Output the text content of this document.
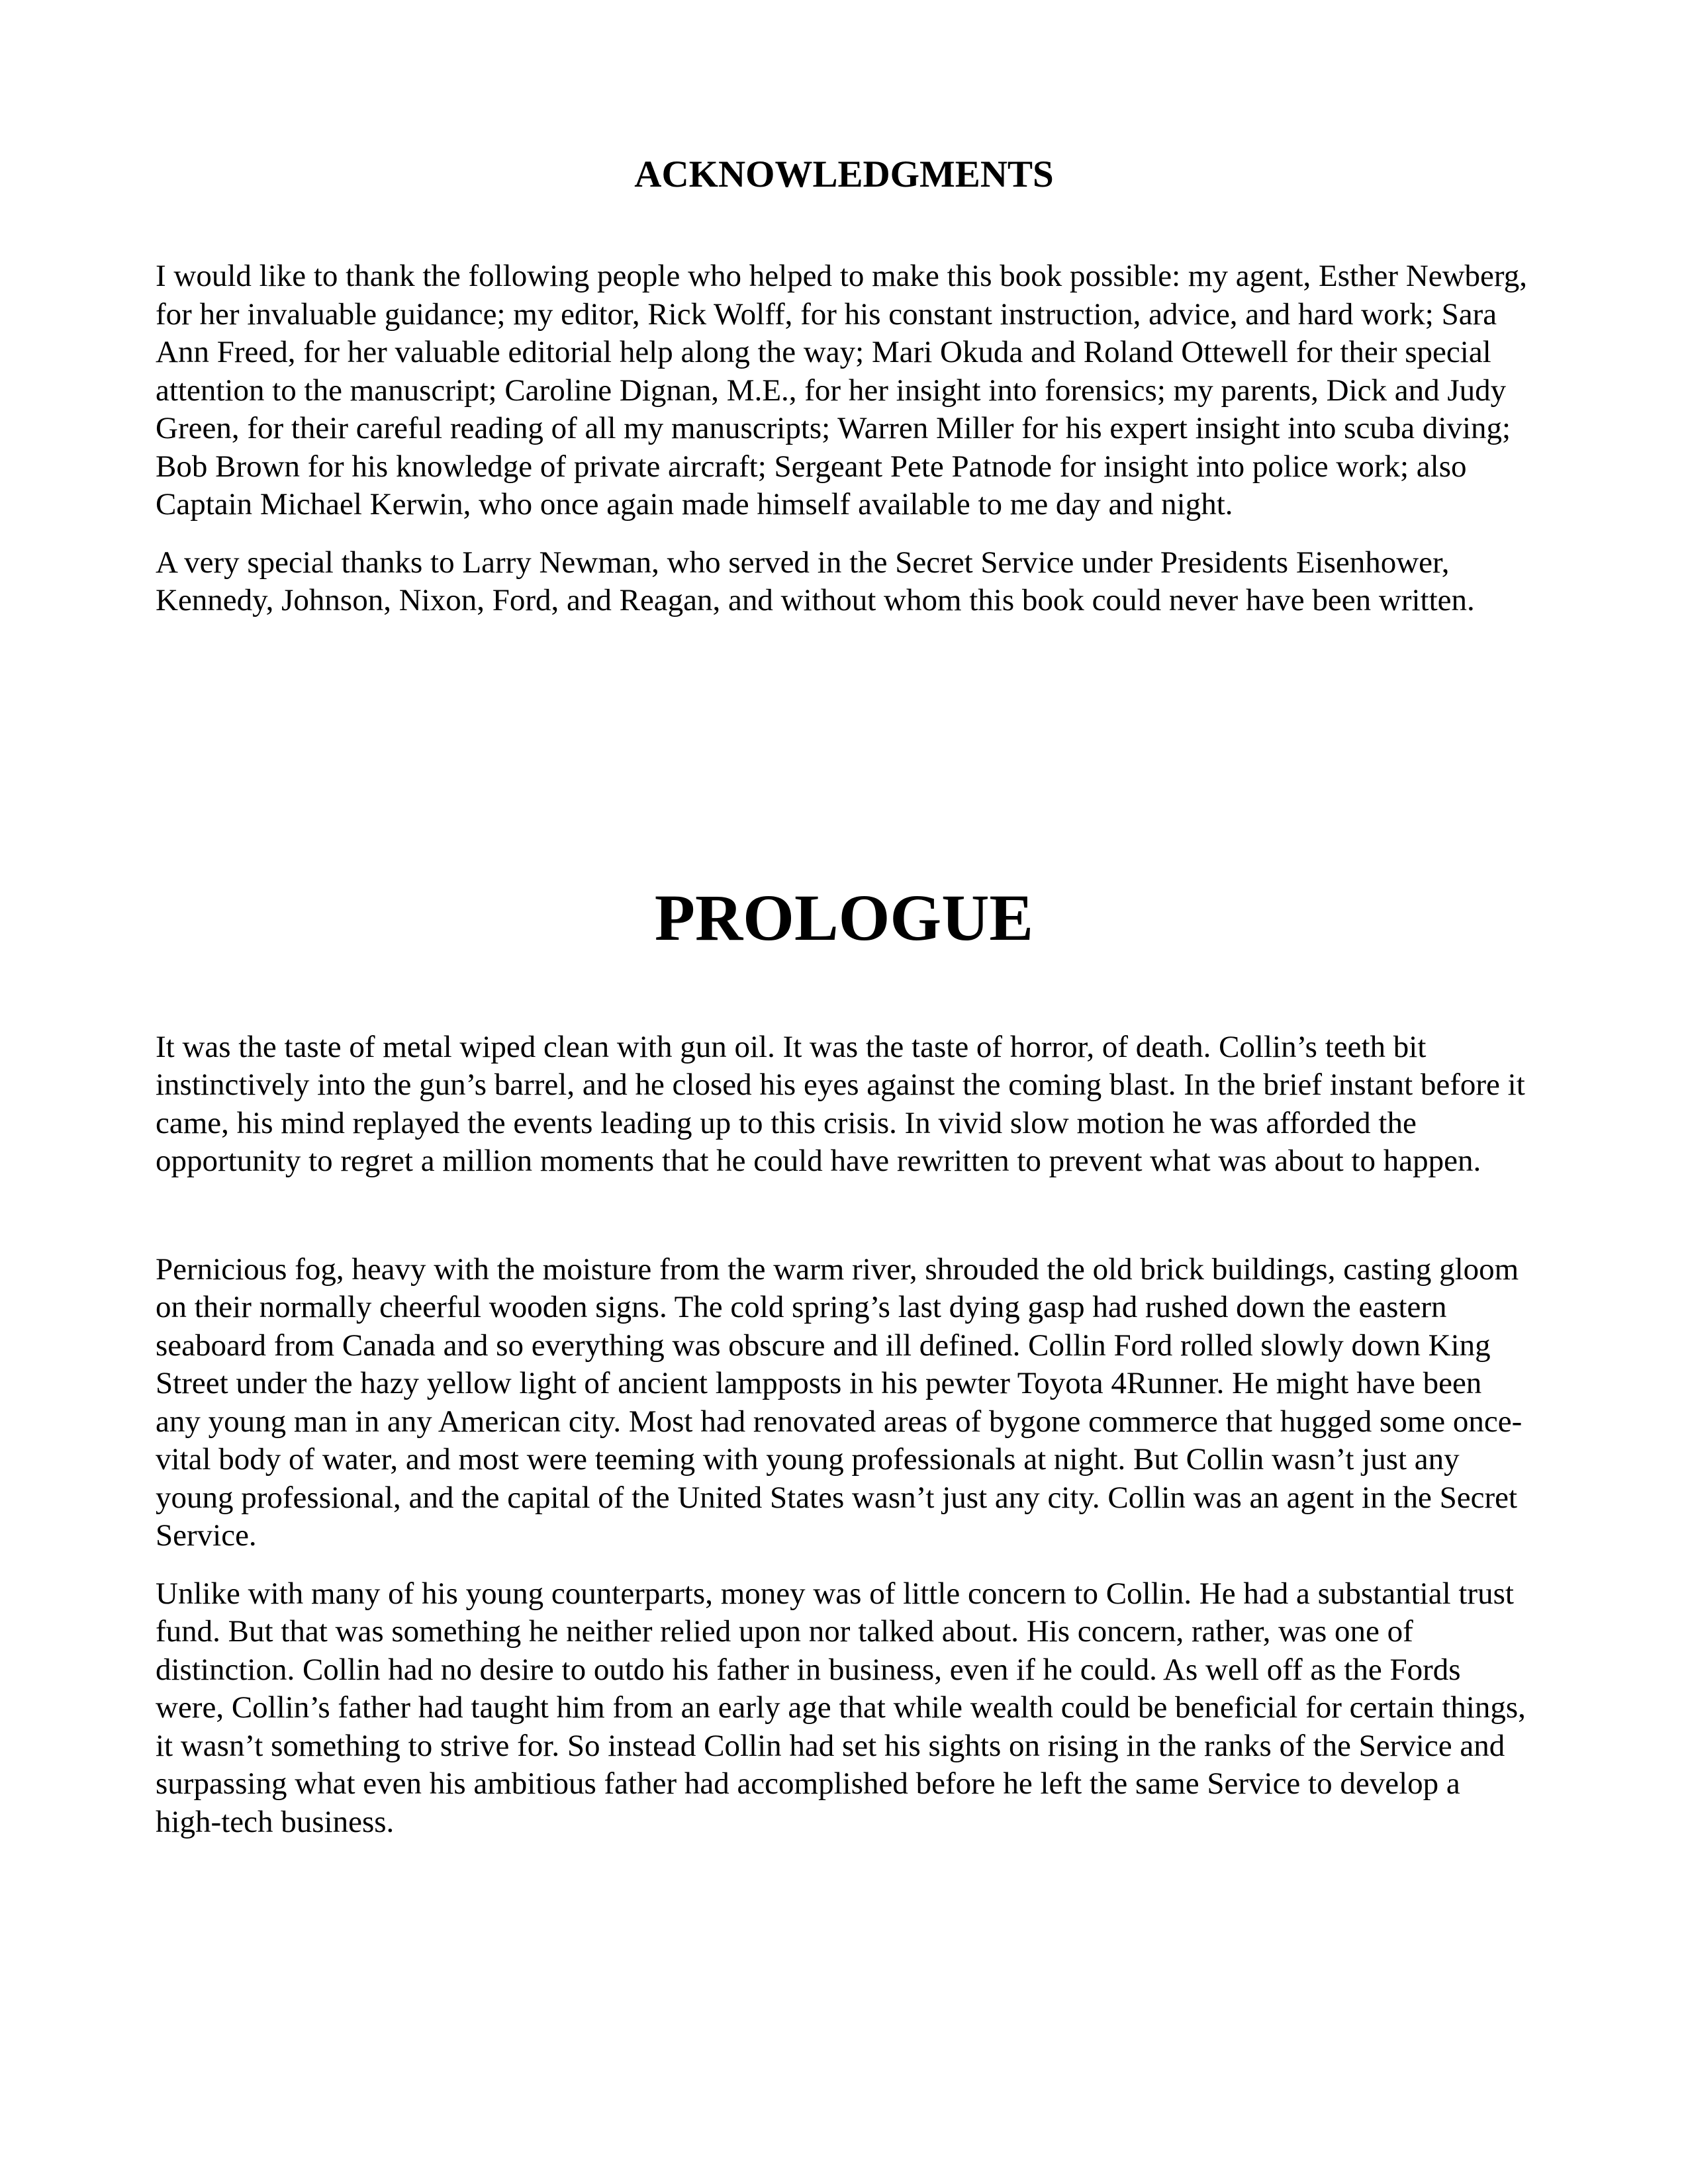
ACKNOWLEDGMENTS

I would like to thank the following people who helped to make this book possible: my agent, Esther Newberg, for her invaluable guidance; my editor, Rick Wolff, for his constant instruction, advice, and hard work; Sara Ann Freed, for her valuable editorial help along the way; Mari Okuda and Roland Ottewell for their special attention to the manuscript; Caroline Dignan, M.E., for her insight into forensics; my parents, Dick and Judy Green, for their careful reading of all my manuscripts; Warren Miller for his expert insight into scuba diving; Bob Brown for his knowledge of private aircraft; Sergeant Pete Patnode for insight into police work; also Captain Michael Kerwin, who once again made himself available to me day and night.

A very special thanks to Larry Newman, who served in the Secret Service under Presidents Eisenhower, Kennedy, Johnson, Nixon, Ford, and Reagan, and without whom this book could never have been written.

PROLOGUE

It was the taste of metal wiped clean with gun oil. It was the taste of horror, of death. Collin’s teeth bit instinctively into the gun’s barrel, and he closed his eyes against the coming blast. In the brief instant before it came, his mind replayed the events leading up to this crisis. In vivid slow motion he was afforded the opportunity to regret a million moments that he could have rewritten to prevent what was about to happen.

Pernicious fog, heavy with the moisture from the warm river, shrouded the old brick buildings, casting gloom on their normally cheerful wooden signs. The cold spring’s last dying gasp had rushed down the eastern seaboard from Canada and so everything was obscure and ill defined. Collin Ford rolled slowly down King Street under the hazy yellow light of ancient lampposts in his pewter Toyota 4Runner. He might have been any young man in any American city. Most had renovated areas of bygone commerce that hugged some once-vital body of water, and most were teeming with young professionals at night. But Collin wasn’t just any young professional, and the capital of the United States wasn’t just any city. Collin was an agent in the Secret Service.

Unlike with many of his young counterparts, money was of little concern to Collin. He had a substantial trust fund. But that was something he neither relied upon nor talked about. His concern, rather, was one of distinction. Collin had no desire to outdo his father in business, even if he could. As well off as the Fords were, Collin’s father had taught him from an early age that while wealth could be beneficial for certain things, it wasn’t something to strive for. So instead Collin had set his sights on rising in the ranks of the Service and surpassing what even his ambitious father had accomplished before he left the same Service to develop a high-tech business.
